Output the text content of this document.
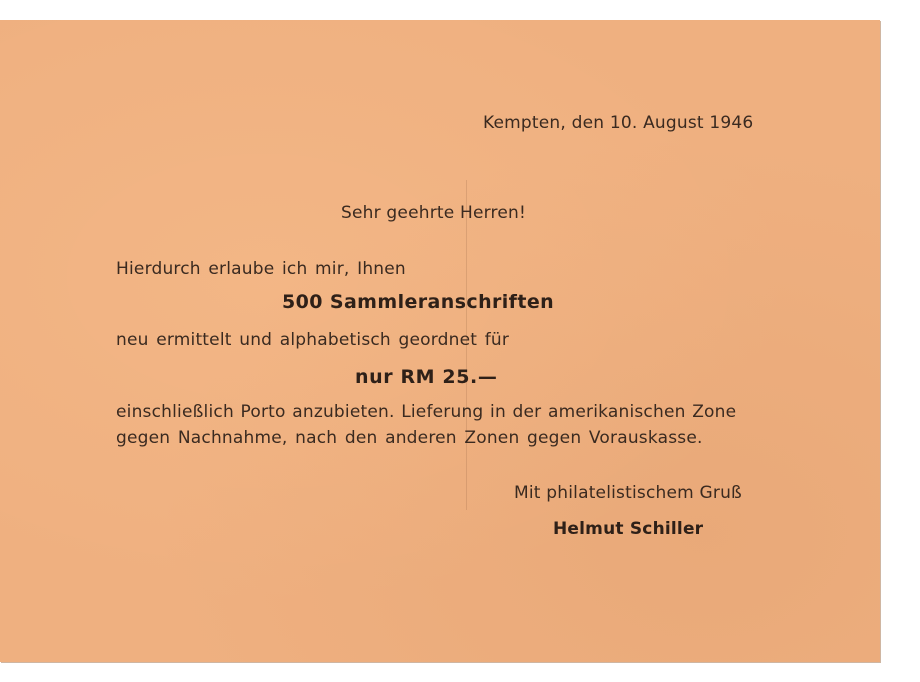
Kempten, den 10. August 1946
Sehr geehrte Herren!
Hierdurch erlaube ich mir, Ihnen
500 Sammleranschriften
neu ermittelt und alphabetisch geordnet für
nur RM 25.—
einschließlich Porto anzubieten. Lieferung in der amerikanischen Zone
gegen Nachnahme, nach den anderen Zonen gegen Vorauskasse.
Mit philatelistischem Gruß
Helmut Schiller
